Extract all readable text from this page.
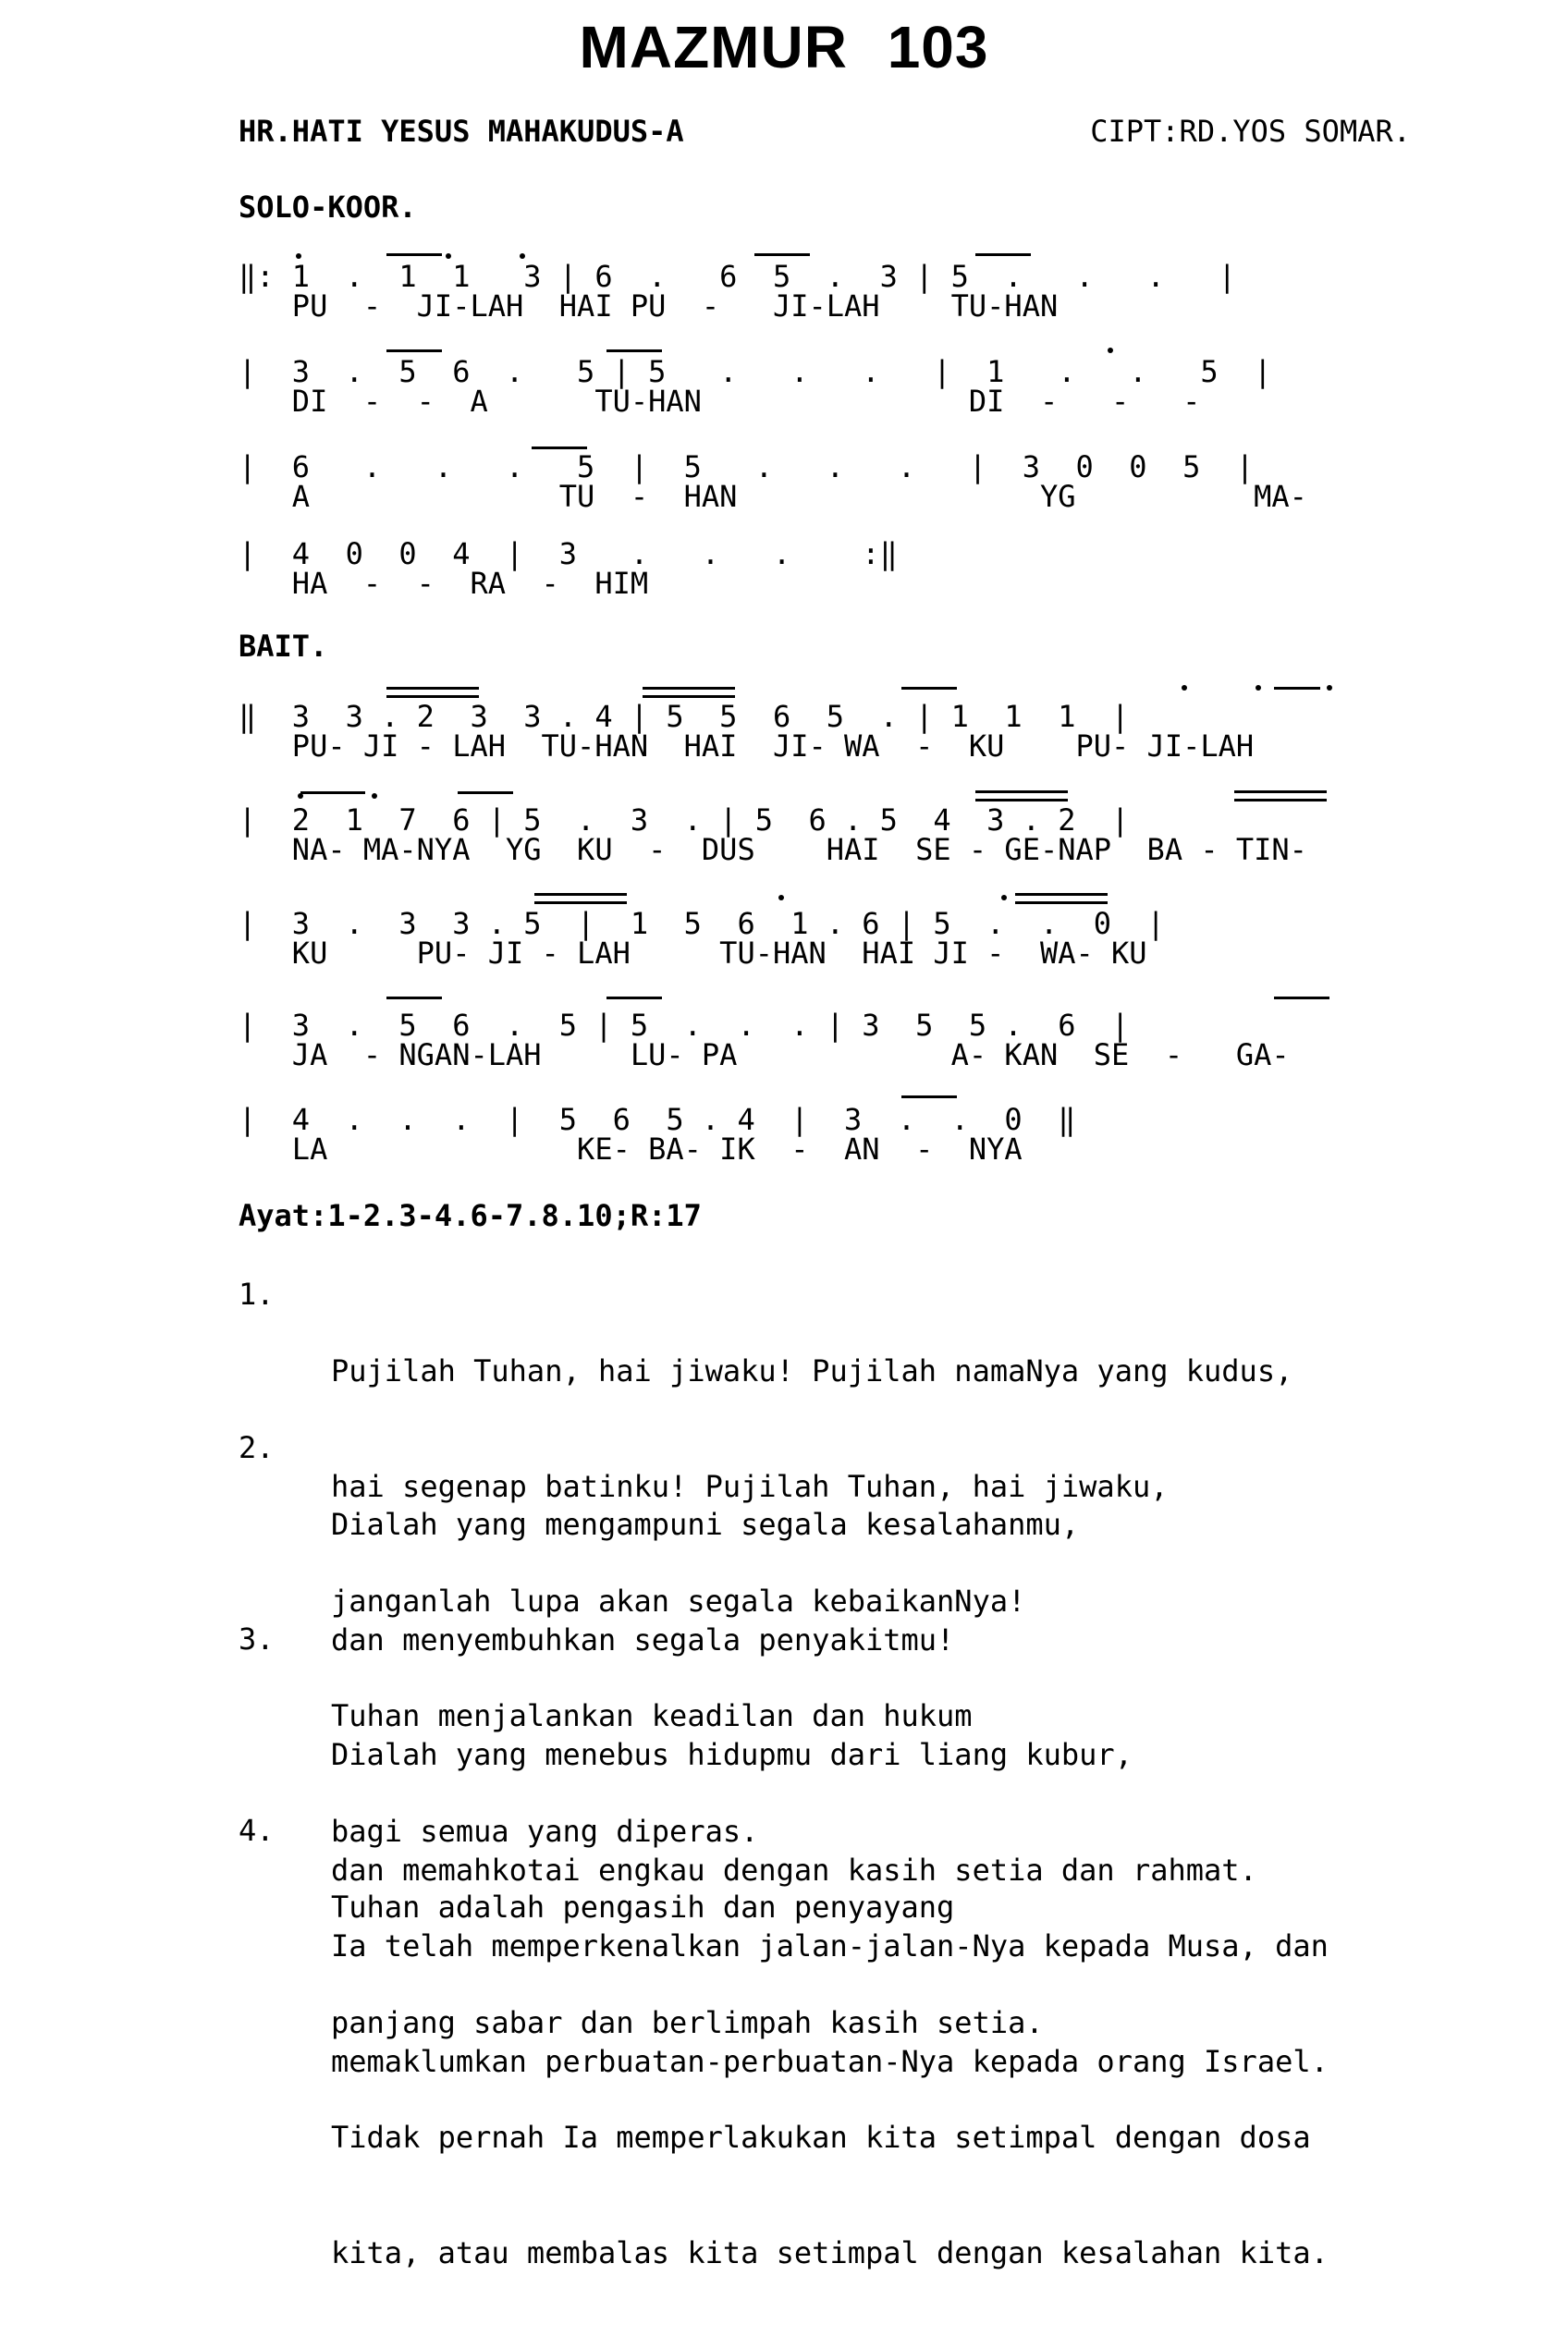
MAZMUR 103
HR.HATI YESUS MAHAKUDUS-A	CIPT:RD.YOS SOMAR.
SOLO-KOOR.
‖: 1  .  1  1   3 | 6  .   6  5  .  3 | 5  .   .   .   |
PU  -  JI-LAH  HAI PU  -   JI-LAH    TU-HAN
|  3  .  5  6  .   5 | 5   .   .   .   |  1   .   .   5  |
DI  -  -  A      TU-HAN               DI  -   -   -
|  6   .   .   .   5  |  5   .   .   .   |  3  0  0  5  |
A              TU  -  HAN                 YG          MA-
|  4  0  0  4  |  3   .   .   .    :‖
HA  -  -  RA  -  HIM
BAIT.
‖  3  3 . 2  3  3 . 4 | 5  5  6  5  . | 1  1  1  |
PU- JI - LAH  TU-HAN  HAI  JI- WA  -  KU    PU- JI-LAH
|  2  1  7  6 | 5  .  3  . | 5  6 . 5  4  3 . 2  |
NA- MA-NYA  YG  KU  -  DUS    HAI  SE - GE-NAP  BA - TIN-
|  3  .  3  3 . 5  |  1  5  6  1 . 6 | 5  .  .  0  |
KU     PU- JI - LAH     TU-HAN  HAI JI -  WA- KU
|  3  .  5  6  .  5 | 5  .  .  . | 3  5  5 .  6  |
JA  - NGAN-LAH     LU- PA            A- KAN  SE  -   GA-
|  4  .  .  .  |  5  6  5 . 4  |  3  .  .  0  ‖
LA              KE- BA- IK  -  AN  -  NYA
Ayat:1-2.3-4.6-7.8.10;R:17
1.

Pujilah Tuhan, hai jiwaku! Pujilah namaNya yang kudus,

hai segenap batinku! Pujilah Tuhan, hai jiwaku,

janganlah lupa akan segala kebaikanNya!

2.

Dialah yang mengampuni segala kesalahanmu,

dan menyembuhkan segala penyakitmu!

Dialah yang menebus hidupmu dari liang kubur,

dan memahkotai engkau dengan kasih setia dan rahmat.

3.

Tuhan menjalankan keadilan dan hukum

bagi semua yang diperas.

Ia telah memperkenalkan jalan-jalan-Nya kepada Musa, dan

memaklumkan perbuatan-perbuatan-Nya kepada orang Israel.

4.

Tuhan adalah pengasih dan penyayang

panjang sabar dan berlimpah kasih setia.

Tidak pernah Ia memperlakukan kita setimpal dengan dosa

kita, atau membalas kita setimpal dengan kesalahan kita.
